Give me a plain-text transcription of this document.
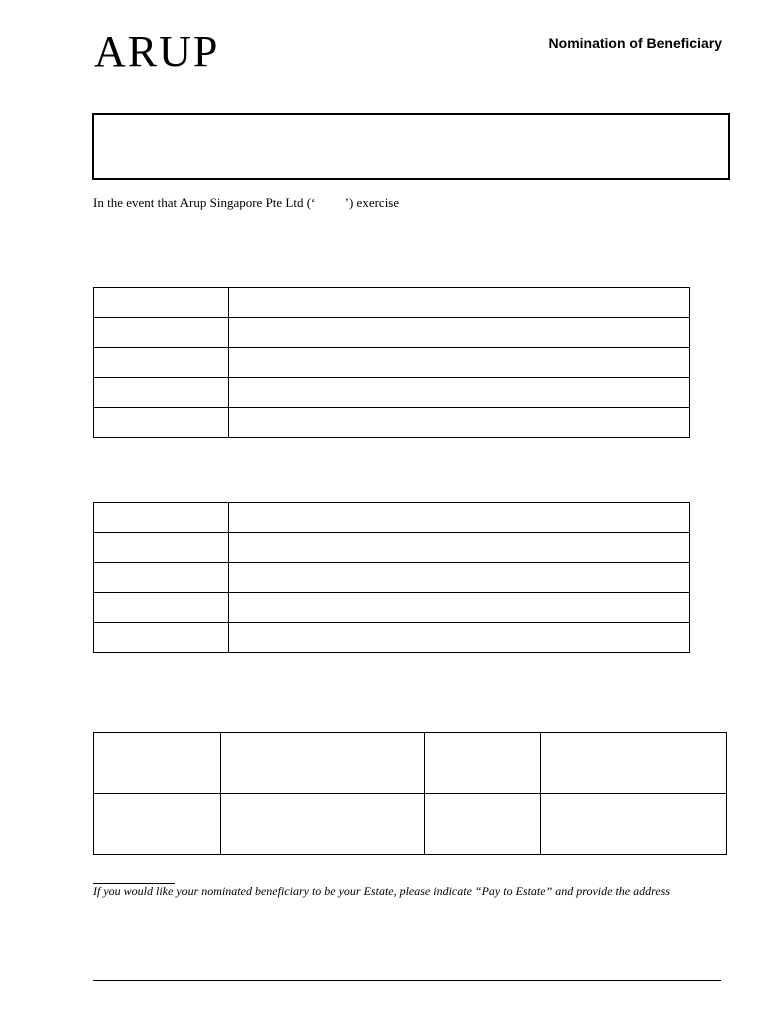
ARUP	Nomination of Beneficiary
In the event that Arup Singapore Pte Ltd (‘         ’) exercise

If you would like your nominated beneficiary to be your Estate, please indicate “Pay to Estate” and provide the address
